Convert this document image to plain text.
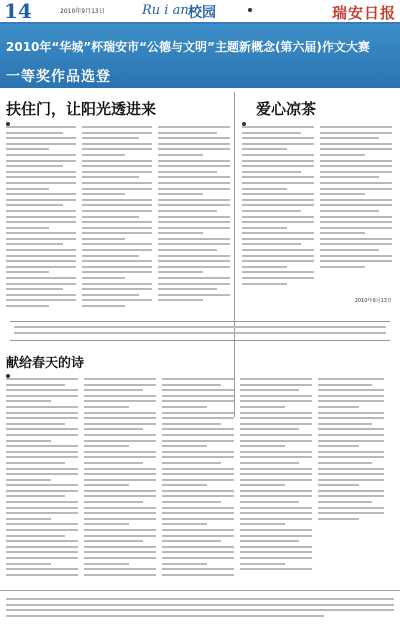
14	2010年9月13日	Ru i an 校园	瑞安日报
2010年“华城”杯瑞安市“公德与文明”主题新概念(第六届)作文大赛
一等奖作品选登
扶住门，让阳光透进来	爱心凉茶
2010年9月13日
献给春天的诗
